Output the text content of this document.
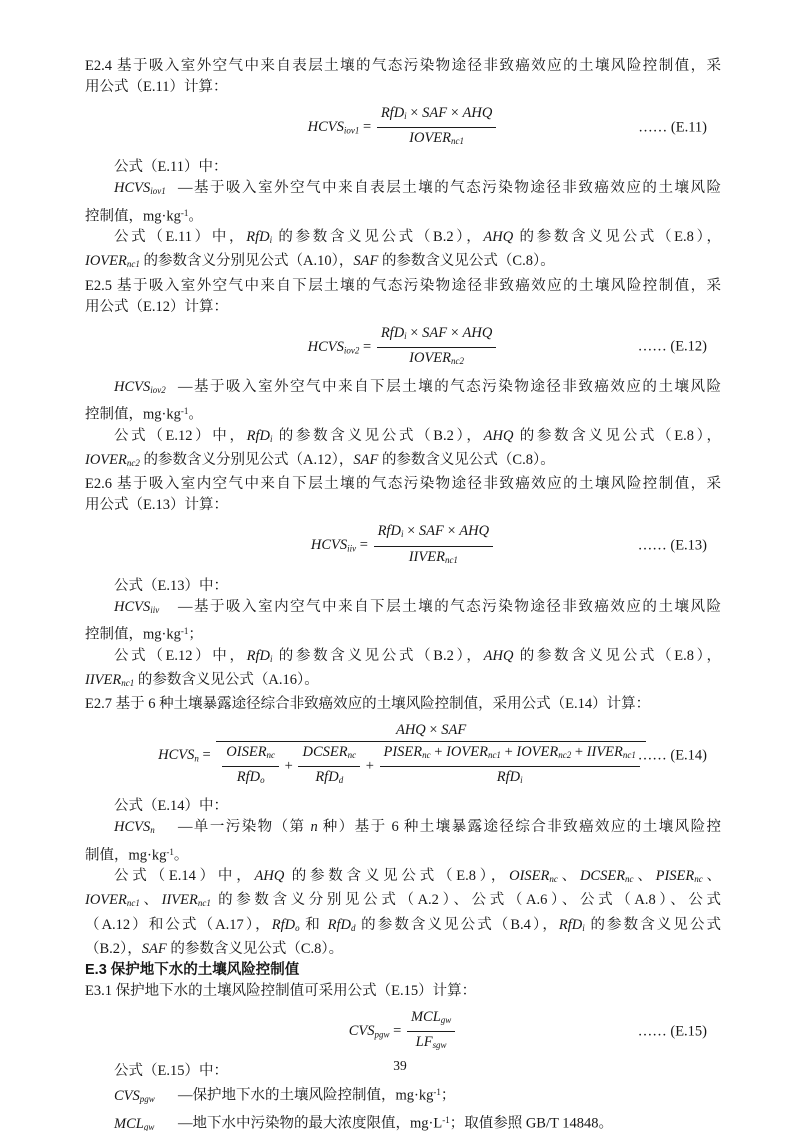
E2.4 基于吸入室外空气中来自表层土壤的气态污染物途径非致癌效应的土壤风险控制值，采
用公式（E.11）计算：
HCVSiov1 = $\frac{\text{RfDi × SAF × AHQ}}{\text{IOVERnc1}}$	…… (E.11)
公式（E.11）中：
HCVSiov1 —基于吸入室外空气中来自表层土壤的气态污染物途径非致癌效应的土壤风险
控制值，$mg\cdot kg^{-1}$。
公式（E.11）中，RfDi 的参数含义见公式（B.2），AHQ 的参数含义见公式（E.8），
IOVERnc1 的参数含义分别见公式（A.10），SAF 的参数含义见公式（C.8）。
E2.5 基于吸入室外空气中来自下层土壤的气态污染物途径非致癌效应的土壤风险控制值，采
用公式（E.12）计算：
HCVSiov2 = $\frac{\text{RfDi × SAF × AHQ}}{\text{IOVERnc2}}$	…… (E.12)
HCVSiov2 —基于吸入室外空气中来自下层土壤的气态污染物途径非致癌效应的土壤风险
控制值，$mg\cdot kg^{-1}$。
公式（E.12）中，RfDi 的参数含义见公式（B.2），AHQ 的参数含义见公式（E.8），
IOVERnc2 的参数含义分别见公式（A.12），SAF 的参数含义见公式（C.8）。
E2.6 基于吸入室内空气中来自下层土壤的气态污染物途径非致癌效应的土壤风险控制值，采
用公式（E.13）计算：
HCVSiiv = $\frac{\text{RfDi × SAF × AHQ}}{\text{IIVERnc1}}$	…… (E.13)
公式（E.13）中：
HCVSiiv —基于吸入室内空气中来自下层土壤的气态污染物途径非致癌效应的土壤风险
控制值，$mg\cdot kg^{-1}$；
公式（E.12）中，RfDi 的参数含义见公式（B.2），AHQ 的参数含义见公式（E.8），
IIVERnc1 的参数含义见公式（A.16）。
E2.7 基于 6 种土壤暴露途径综合非致癌效应的土壤风险控制值，采用公式（E.14）计算：
HCVSn =
AHQ × SAF
$\frac{\text{OISERnc}}{\text{RfDo}} + \frac{\text{DCSERnc}}{\text{RfDd}} + \frac{\text{PISERnc + IOVERnc1 + IOVERnc2 + IIVERnc1}}{\text{RfDi}}$
…… (E.14)
公式（E.14）中：
HCVSn —单一污染物（第 n 种）基于 6 种土壤暴露途径综合非致癌效应的土壤风险控
制值，$mg\cdot kg^{-1}$。
公式（E.14）中，AHQ 的参数含义见公式（E.8），OISERnc、DCSERnc、PISERnc、
IOVERnc1、IIVERnc1 的参数含义分别见公式（A.2）、公式（A.6）、公式（A.8）、公式
（A.12）和公式（A.17），RfDo 和 RfDd 的参数含义见公式（B.4），RfDi 的参数含义见公式
（B.2），SAF 的参数含义见公式（C.8）。
E.3 保护地下水的土壤风险控制值
E3.1 保护地下水的土壤风险控制值可采用公式（E.15）计算：
CVSpgw = $\frac{\text{MCLgw}}{\text{LFsgw}}$	…… (E.15)
公式（E.15）中：
CVSpgw —保护地下水的土壤风险控制值，$mg\cdot kg^{-1}$；
MCLgw —地下水中污染物的最大浓度限值，$mg\cdot L^{-1}$；取值参照 GB/T 14848。
39
